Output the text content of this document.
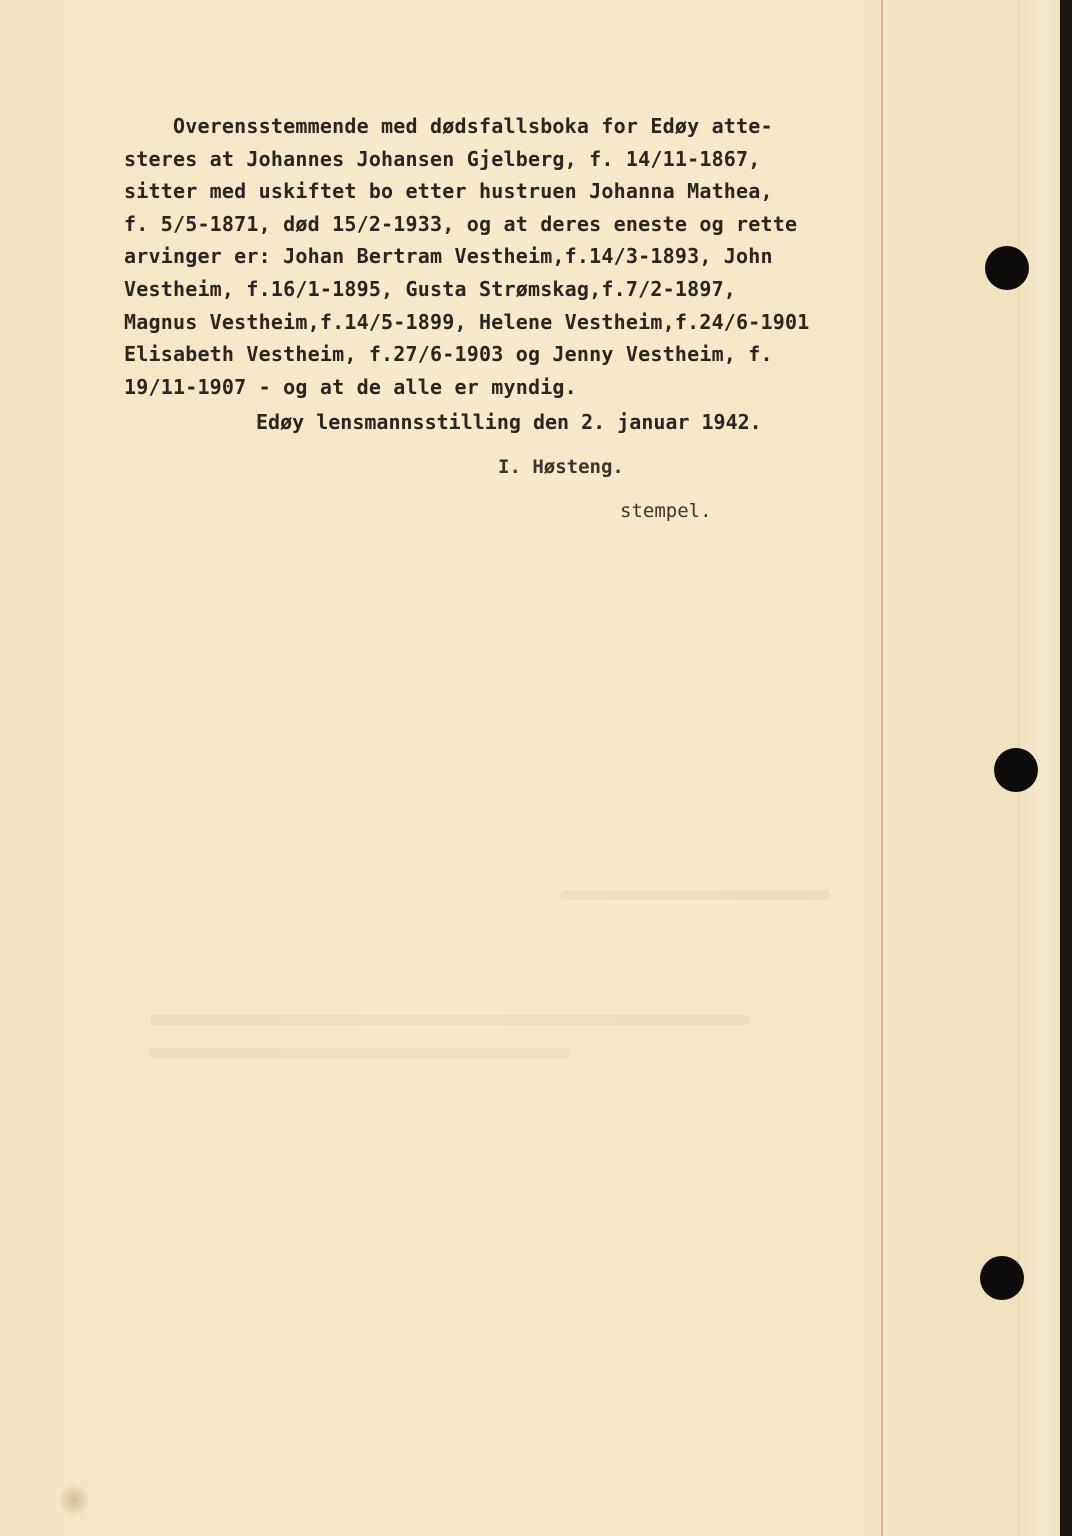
Overensstemmende med dødsfallsboka for Edøy atte-
steres at Johannes Johansen Gjelberg, f. 14/11-1867,
sitter med uskiftet bo etter hustruen Johanna Mathea,
f. 5/5-1871, død 15/2-1933, og at deres eneste og rette
arvinger er: Johan Bertram Vestheim,f.14/3-1893, John
Vestheim, f.16/1-1895, Gusta Strømskag,f.7/2-1897,
Magnus Vestheim,f.14/5-1899, Helene Vestheim,f.24/6-1901
Elisabeth Vestheim, f.27/6-1903 og Jenny Vestheim, f.
19/11-1907 - og at de alle er myndig.
Edøy lensmannsstilling den 2. januar 1942.
I. Høsteng.
stempel.
